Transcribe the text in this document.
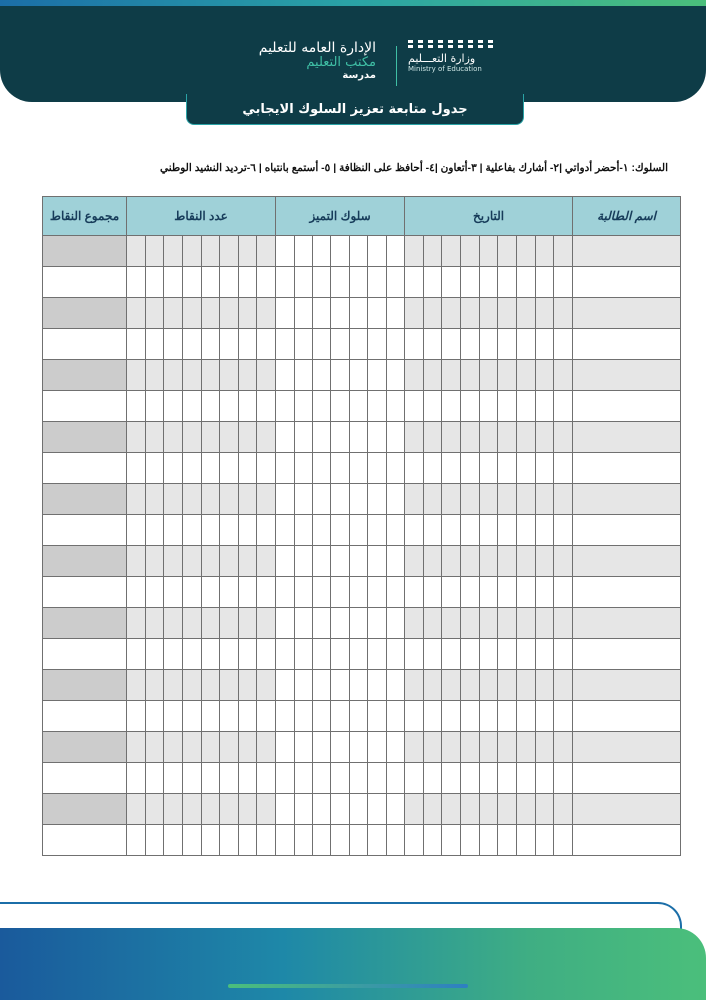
الإدارة العامه للتعليم
مكتب التعليم
مدرسة
وزارة التعـــليم
Ministry of Education
جدول متابعة تعزيز السلوك الايجابي
السلوك: ١-أحضر أدواتي |٢- أشارك بفاعلية | ٣-أتعاون |٤- أحافظ على النظافة | ٥- أستمع بانتباه | ٦-ترديد النشيد الوطني
مجموع النقاط	عدد النقاط								سلوك التميز							التاريخ									اسم الطالبة
